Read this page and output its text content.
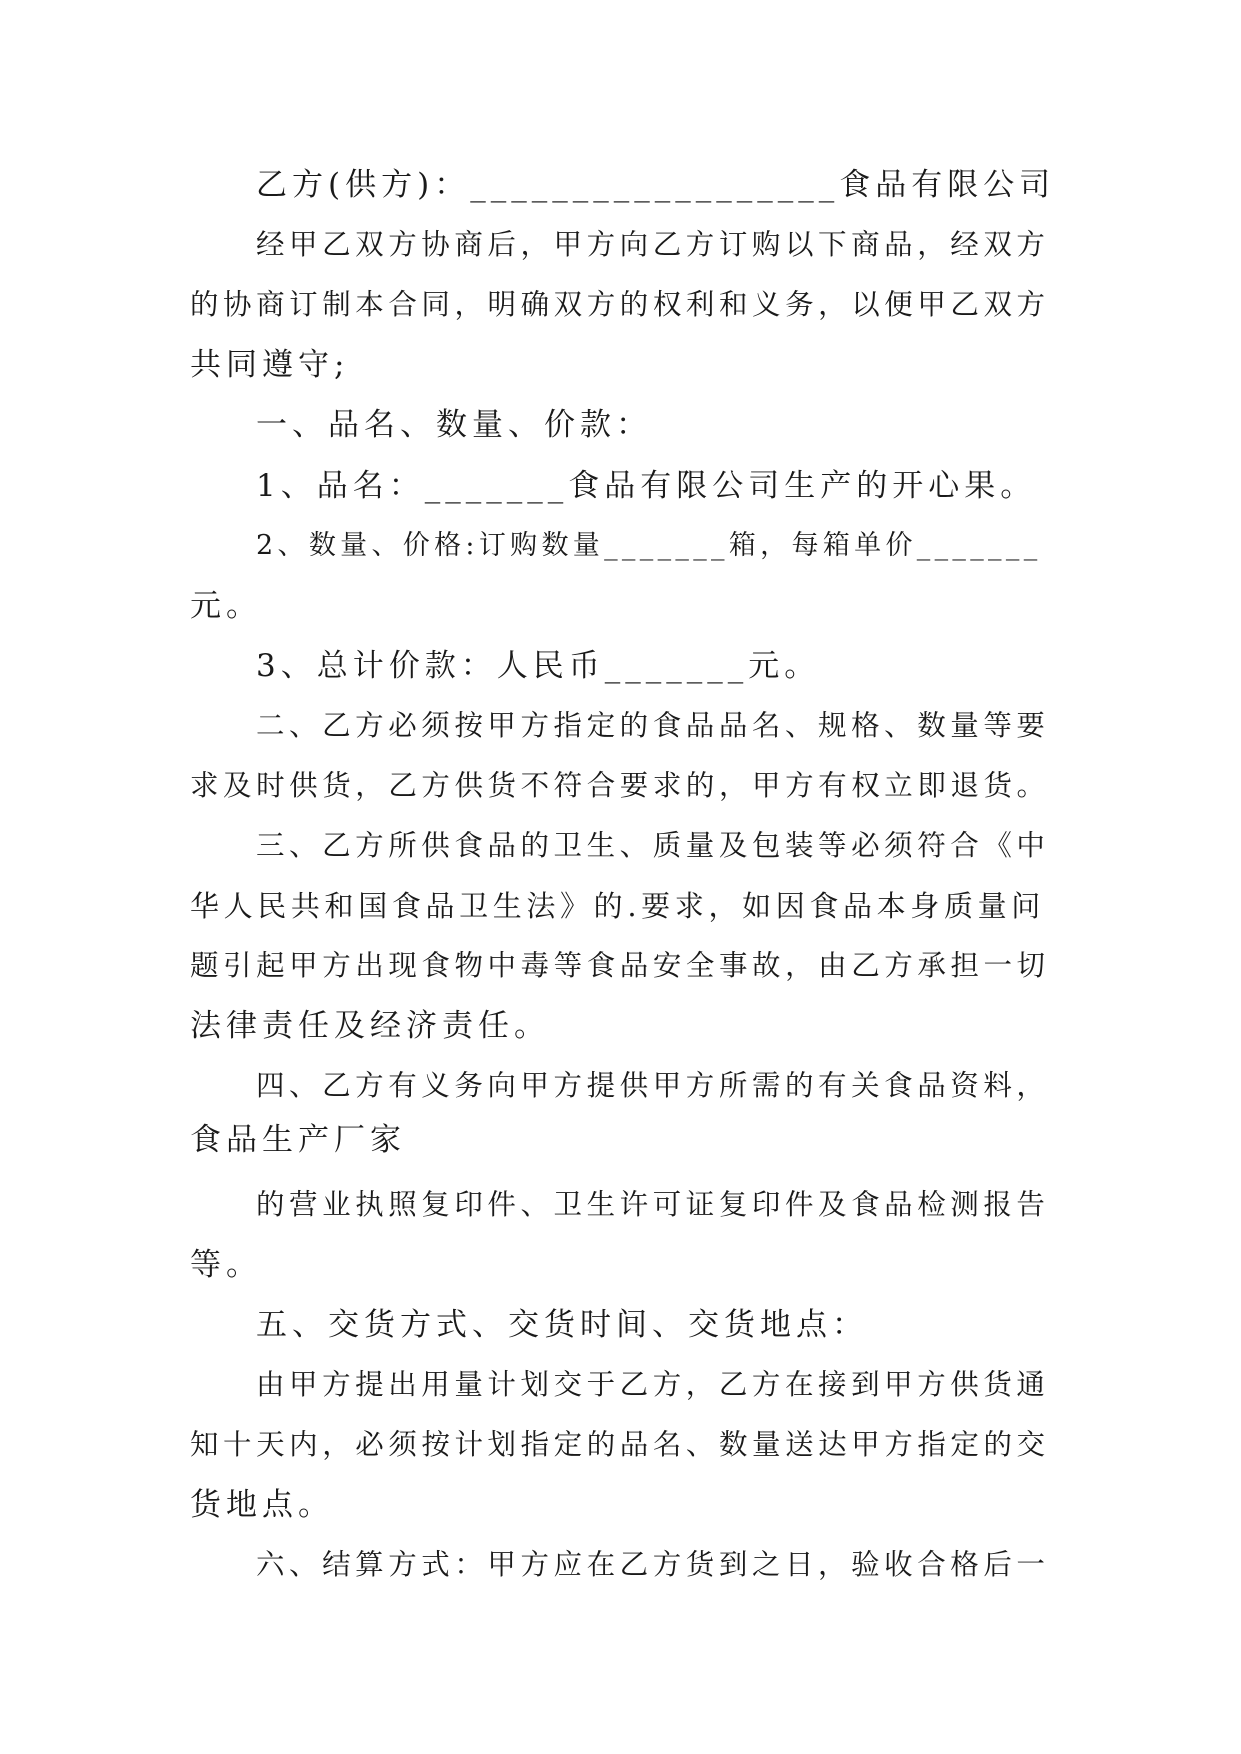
乙方(供方)：__________________食品有限公司
经甲乙双方协商后，甲方向乙方订购以下商品，经双方
的协商订制本合同，明确双方的权利和义务，以便甲乙双方
共同遵守;
一、品名、数量、价款：
1、品名：_______食品有限公司生产的开心果。
2、数量、价格:订购数量_______箱，每箱单价_______
元。
3、总计价款：人民币_______元。
二、乙方必须按甲方指定的食品品名、规格、数量等要
求及时供货，乙方供货不符合要求的，甲方有权立即退货。
三、乙方所供食品的卫生、质量及包装等必须符合《中
华人民共和国食品卫生法》的.要求，如因食品本身质量问
题引起甲方出现食物中毒等食品安全事故，由乙方承担一切
法律责任及经济责任。
四、乙方有义务向甲方提供甲方所需的有关食品资料，
食品生产厂家
的营业执照复印件、卫生许可证复印件及食品检测报告
等。
五、交货方式、交货时间、交货地点：
由甲方提出用量计划交于乙方，乙方在接到甲方供货通
知十天内，必须按计划指定的品名、数量送达甲方指定的交
货地点。
六、结算方式：甲方应在乙方货到之日，验收合格后一
